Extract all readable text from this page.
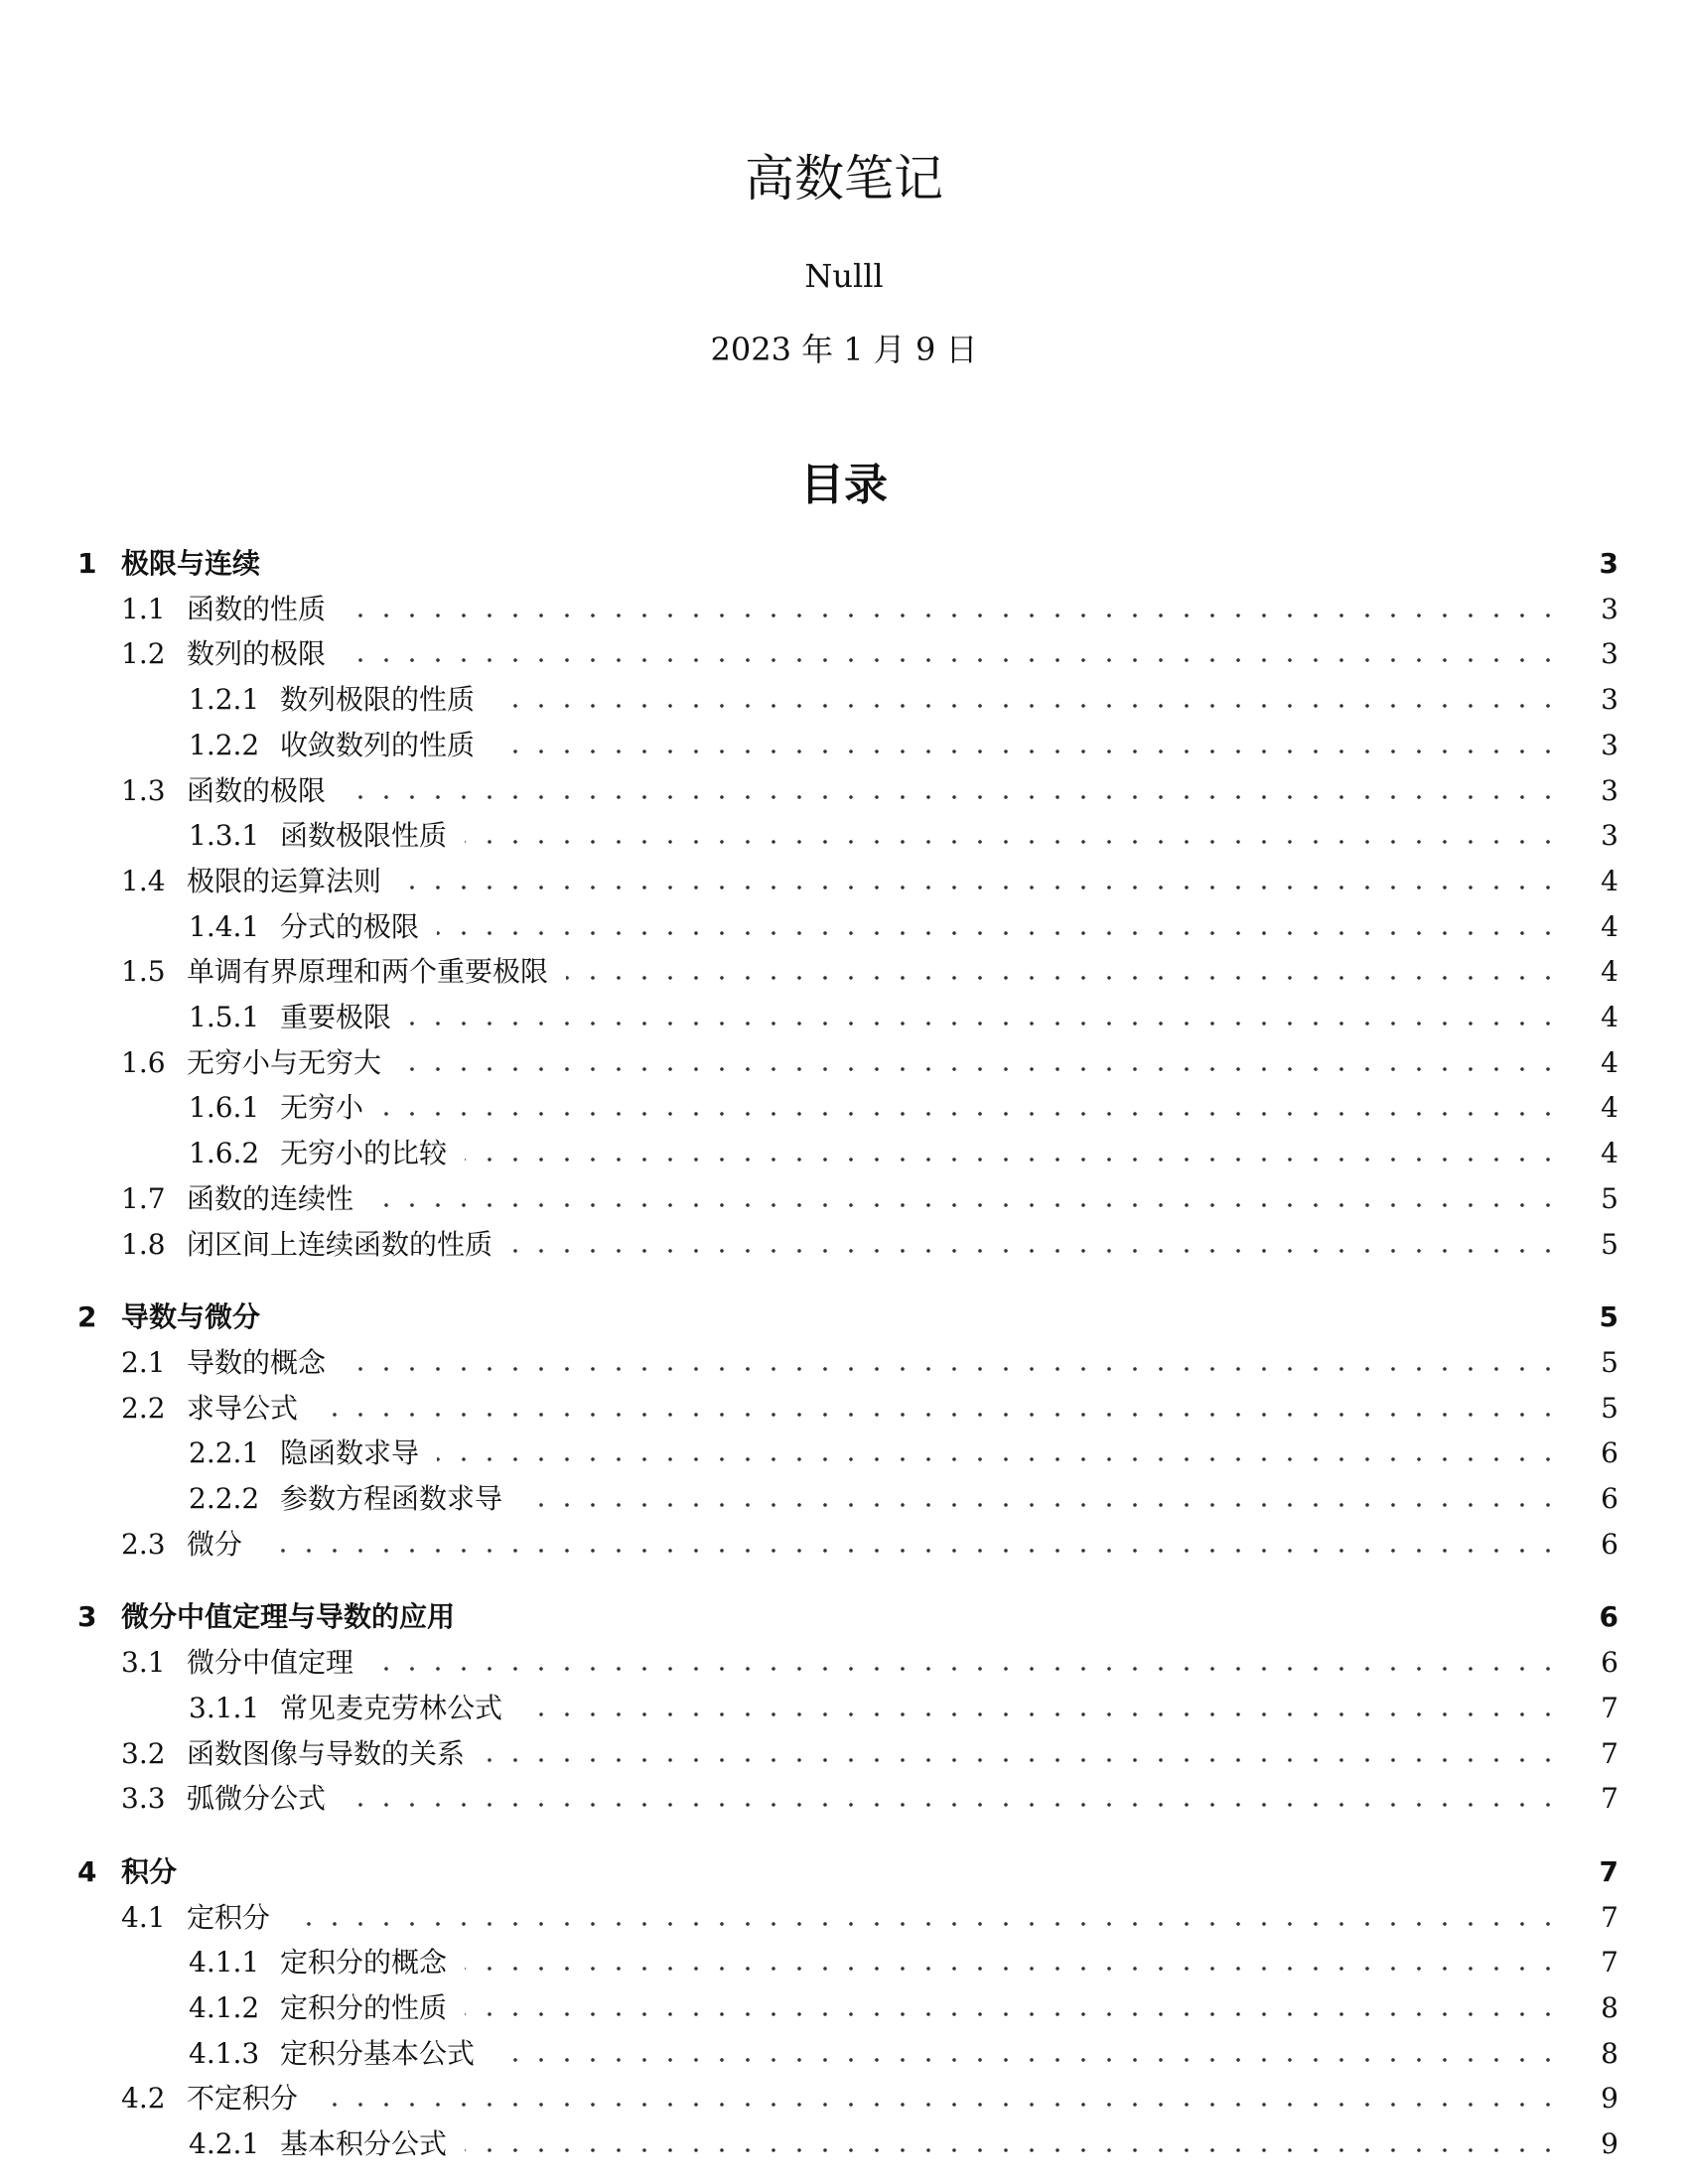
高数笔记
Nulll
2023 年 1 月 9 日
目录
1 极限与连续	3
1.1 函数的性质	3
1.2 数列的极限	3
1.2.1 数列极限的性质	3
1.2.2 收敛数列的性质	3
1.3 函数的极限	3
1.3.1 函数极限性质	3
1.4 极限的运算法则	4
1.4.1 分式的极限	4
1.5 单调有界原理和两个重要极限	4
1.5.1 重要极限	4
1.6 无穷小与无穷大	4
1.6.1 无穷小	4
1.6.2 无穷小的比较	4
1.7 函数的连续性	5
1.8 闭区间上连续函数的性质	5
2 导数与微分	5
2.1 导数的概念	5
2.2 求导公式	5
2.2.1 隐函数求导	6
2.2.2 参数方程函数求导	6
2.3 微分	6
3 微分中值定理与导数的应用	6
3.1 微分中值定理	6
3.1.1 常见麦克劳林公式	7
3.2 函数图像与导数的关系	7
3.3 弧微分公式	7
4 积分	7
4.1 定积分	7
4.1.1 定积分的概念	7
4.1.2 定积分的性质	8
4.1.3 定积分基本公式	8
4.2 不定积分	9
4.2.1 基本积分公式	9
